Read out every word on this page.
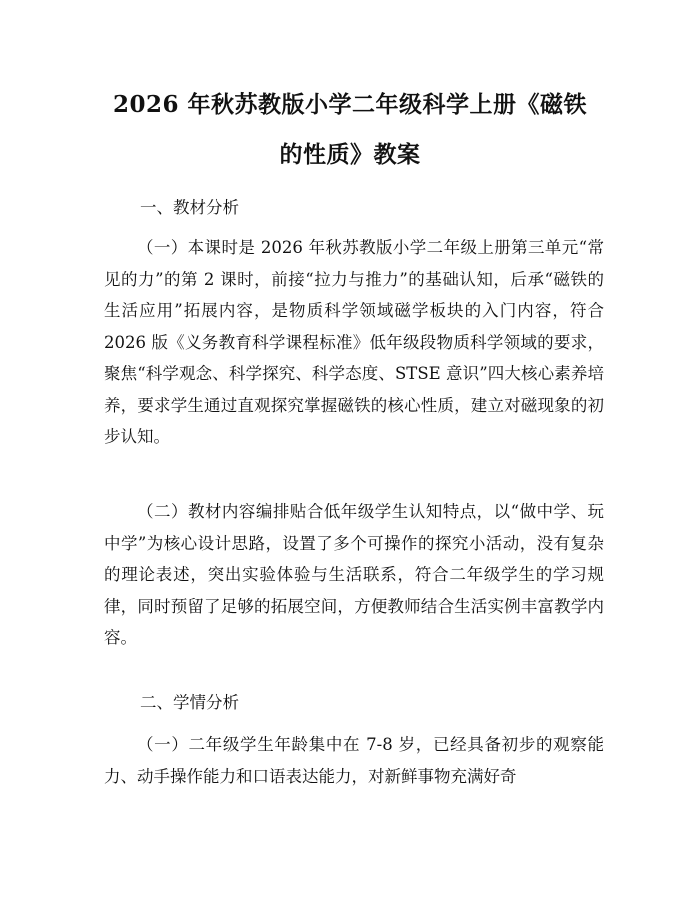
2026 年秋苏教版小学二年级科学上册《磁铁
的性质》教案
一、教材分析

（一）本课时是 2026 年秋苏教版小学二年级上册第三单元“常见的力”的第 2 课时，前接“拉力与推力”的基础认知，后承“磁铁的生活应用”拓展内容，是物质科学领域磁学板块的入门内容，符合 2026 版《义务教育科学课程标准》低年级段物质科学领域的要求，聚焦“科学观念、科学探究、科学态度、STSE 意识”四大核心素养培养，要求学生通过直观探究掌握磁铁的核心性质，建立对磁现象的初步认知。

（二）教材内容编排贴合低年级学生认知特点，以“做中学、玩中学”为核心设计思路，设置了多个可操作的探究小活动，没有复杂的理论表述，突出实验体验与生活联系，符合二年级学生的学习规律，同时预留了足够的拓展空间，方便教师结合生活实例丰富教学内容。

二、学情分析

（一）二年级学生年龄集中在 7-8 岁，已经具备初步的观察能力、动手操作能力和口语表达能力，对新鲜事物充满好奇
